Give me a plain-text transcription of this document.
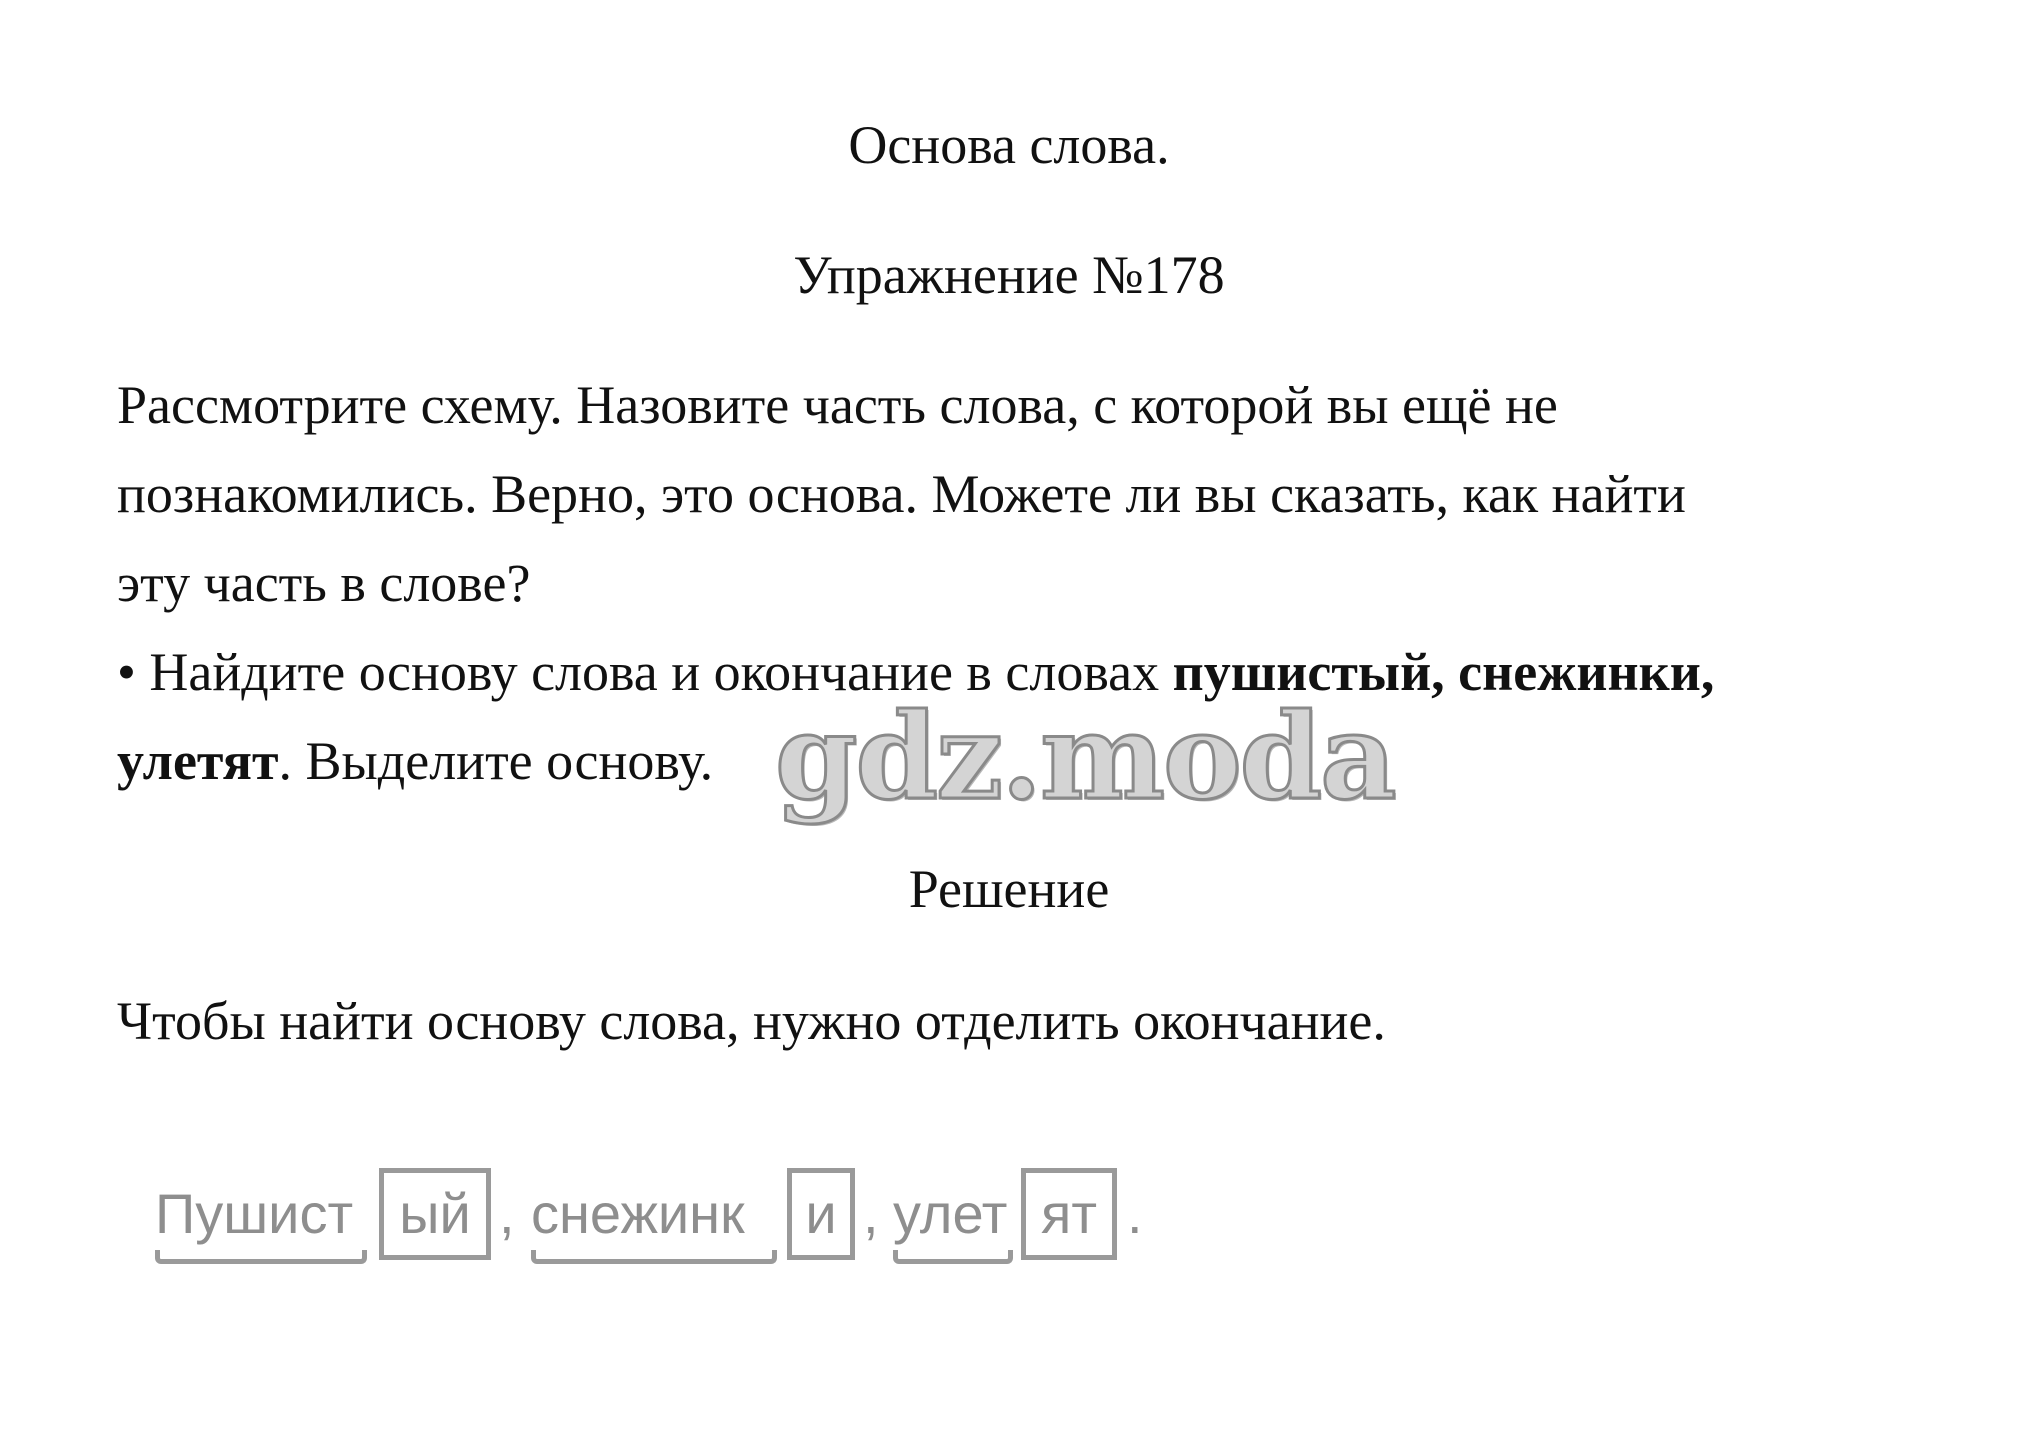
Основа слова.
Упражнение №178
Рассмотрите схему. Назовите часть слова, с которой вы ещё не
познакомились. Верно, это основа. Можете ли вы сказать, как найти
эту часть в слове?
• Найдите основу слова и окончание в словах пушистый, снежинки,
улетят. Выделите основу. gdz.moda
Решение
Чтобы найти основу слова, нужно отделить окончание.
Пушист ый , снежинк	и , улет ят .
